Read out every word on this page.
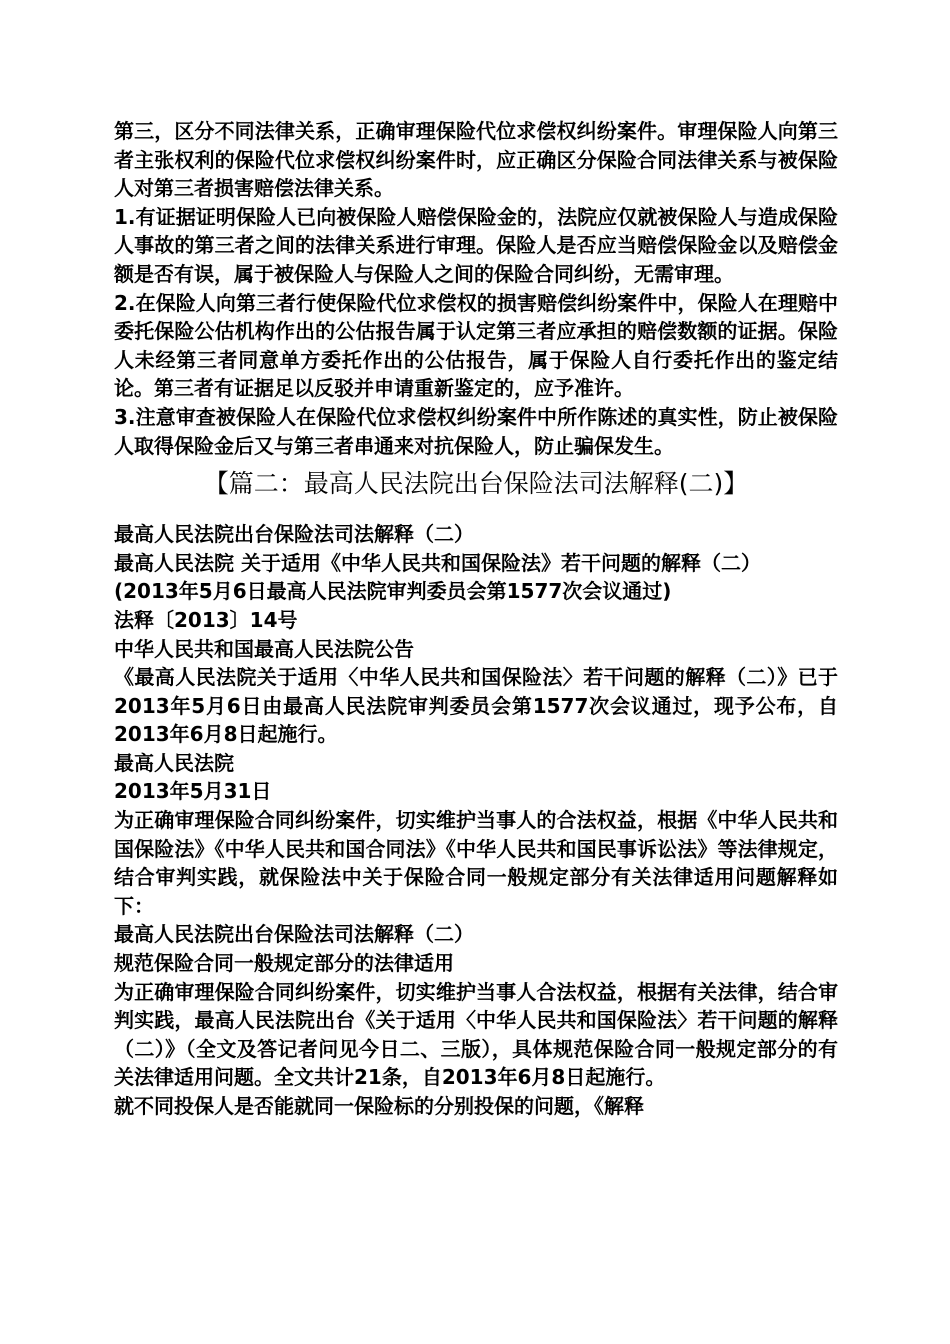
第三，区分不同法律关系，正确审理保险代位求偿权纠纷案件。审理保险人向第三者主张权利的保险代位求偿权纠纷案件时，应正确区分保险合同法律关系与被保险人对第三者损害赔偿法律关系。

1.有证据证明保险人已向被保险人赔偿保险金的，法院应仅就被保险人与造成保险人事故的第三者之间的法律关系进行审理。保险人是否应当赔偿保险金以及赔偿金额是否有误，属于被保险人与保险人之间的保险合同纠纷，无需审理。

2.在保险人向第三者行使保险代位求偿权的损害赔偿纠纷案件中，保险人在理赔中委托保险公估机构作出的公估报告属于认定第三者应承担的赔偿数额的证据。保险人未经第三者同意单方委托作出的公估报告，属于保险人自行委托作出的鉴定结论。第三者有证据足以反驳并申请重新鉴定的，应予准许。

3.注意审查被保险人在保险代位求偿权纠纷案件中所作陈述的真实性，防止被保险人取得保险金后又与第三者串通来对抗保险人，防止骗保发生。

【篇二：最高人民法院出台保险法司法解释(二)】

最高人民法院出台保险法司法解释（二）

最高人民法院 关于适用《中华人民共和国保险法》若干问题的解释（二）

(2013年5月6日最高人民法院审判委员会第1577次会议通过)

法释〔2013〕14号

中华人民共和国最高人民法院公告

《最高人民法院关于适用〈中华人民共和国保险法〉若干问题的解释（二）》已于2013年5月6日由最高人民法院审判委员会第1577次会议通过，现予公布，自2013年6月8日起施行。

最高人民法院

2013年5月31日

为正确审理保险合同纠纷案件，切实维护当事人的合法权益，根据《中华人民共和国保险法》《中华人民共和国合同法》《中华人民共和国民事诉讼法》等法律规定，结合审判实践，就保险法中关于保险合同一般规定部分有关法律适用问题解释如下：

最高人民法院出台保险法司法解释（二）

规范保险合同一般规定部分的法律适用

为正确审理保险合同纠纷案件，切实维护当事人合法权益，根据有关法律，结合审判实践，最高人民法院出台《关于适用〈中华人民共和国保险法〉若干问题的解释（二）》（全文及答记者问见今日二、三版），具体规范保险合同一般规定部分的有关法律适用问题。全文共计21条，自2013年6月8日起施行。

就不同投保人是否能就同一保险标的分别投保的问题，《解释
